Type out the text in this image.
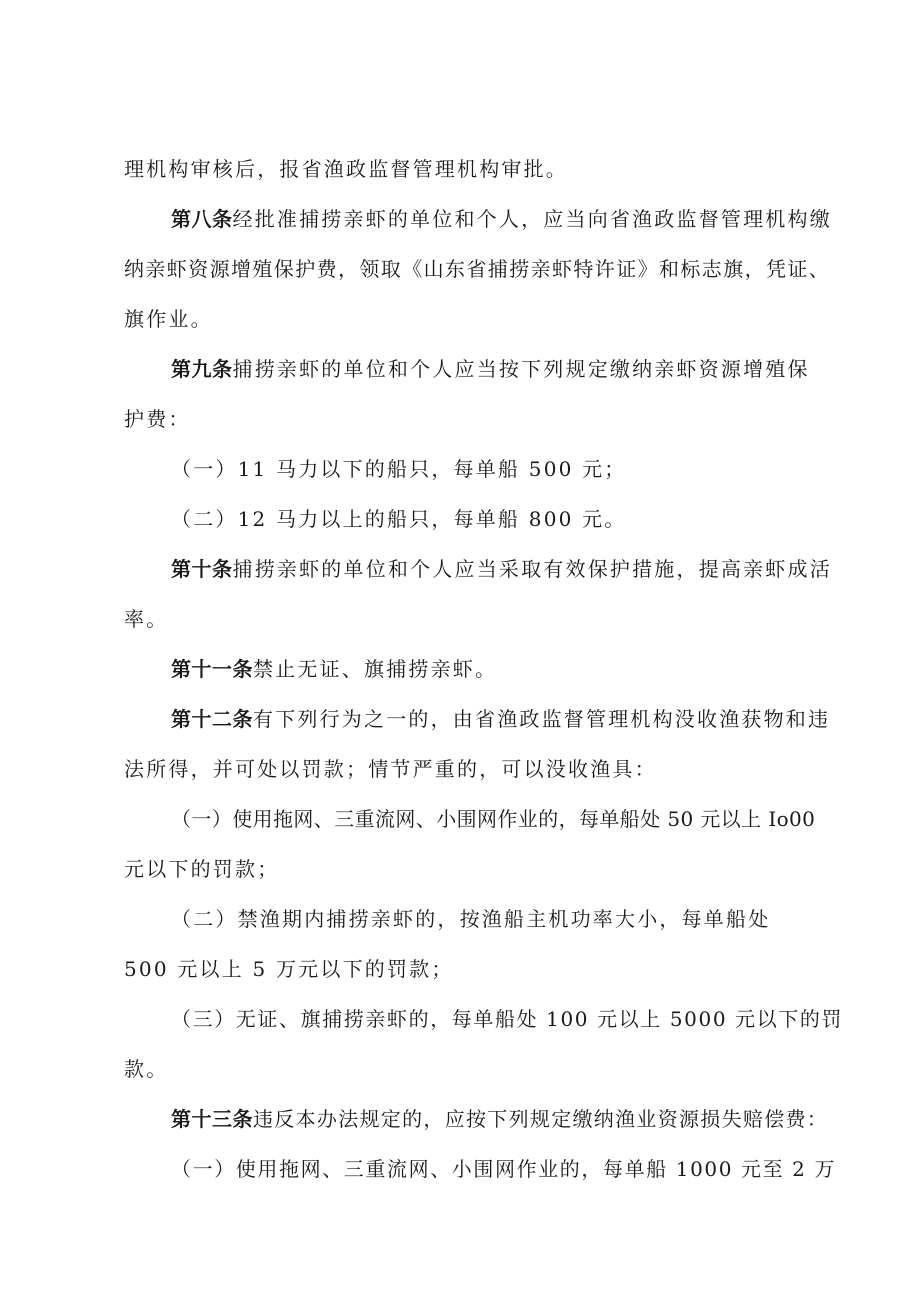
理机构审核后，报省渔政监督管理机构审批。
第八条经批准捕捞亲虾的单位和个人，应当向省渔政监督管理机构缴
纳亲虾资源增殖保护费，领取《山东省捕捞亲虾特许证》和标志旗，凭证、
旗作业。
第九条捕捞亲虾的单位和个人应当按下列规定缴纳亲虾资源增殖保
护费：
（一）11 马力以下的船只，每单船 500 元；
（二）12 马力以上的船只，每单船 800 元。
第十条捕捞亲虾的单位和个人应当采取有效保护措施，提高亲虾成活
率。
第十一条禁止无证、旗捕捞亲虾。
第十二条有下列行为之一的，由省渔政监督管理机构没收渔获物和违
法所得，并可处以罚款；情节严重的，可以没收渔具：
（一）使用拖网、三重流网、小围网作业的，每单船处 50 元以上 Io00
元以下的罚款；
（二）禁渔期内捕捞亲虾的，按渔船主机功率大小，每单船处
500 元以上 5 万元以下的罚款；
（三）无证、旗捕捞亲虾的，每单船处 100 元以上 5000 元以下的罚
款。
第十三条违反本办法规定的，应按下列规定缴纳渔业资源损失赔偿费：
（一）使用拖网、三重流网、小围网作业的，每单船 1000 元至 2 万
